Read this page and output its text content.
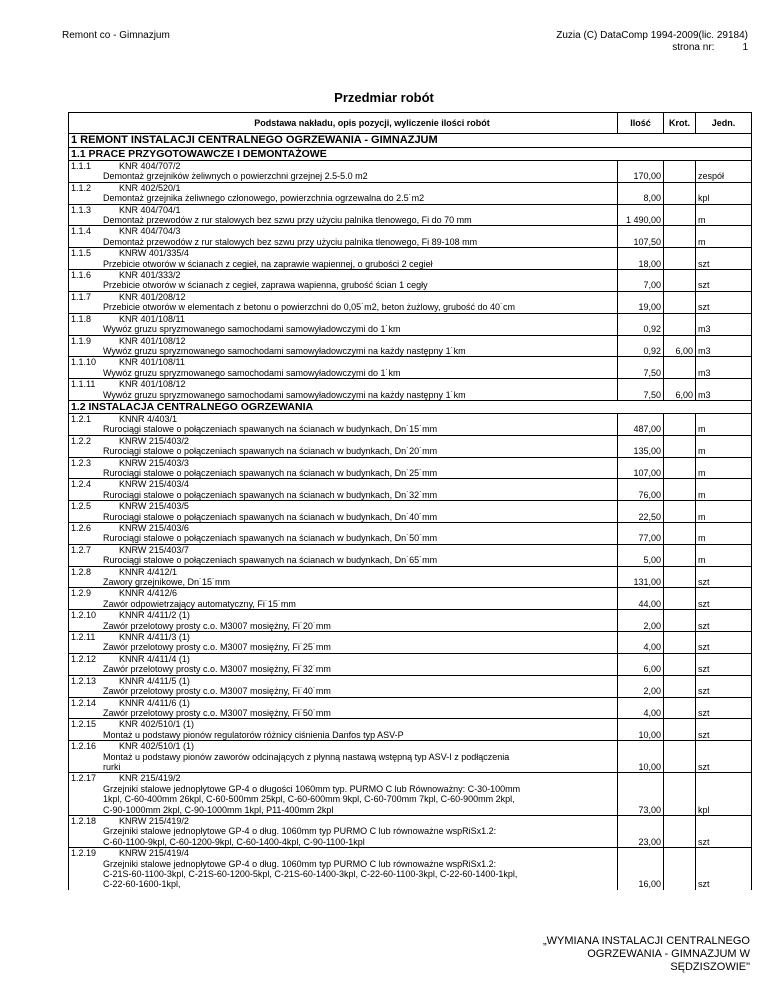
Remont co - Gimnazjum	Zuzia (C) DataComp 1994-2009(lic. 29184)
strona nr:	1
Przedmiar robót
Podstawa nakładu, opis pozycji, wyliczenie ilości robót	Ilość	Krot.	Jedn.
1 REMONT INSTALACJI CENTRALNEGO OGRZEWANIA - GIMNAZJUM			
1.1 PRACE PRZYGOTOWAWCZE I DEMONTAŻOWE			

1.1.1 KNR 404/707/2
Demontaż grzejników żeliwnych o powierzchni grzejnej 2.5-5.0 m2	170,00		zespół

1.1.2 KNR 402/520/1
Demontaż grzejnika żeliwnego członowego, powierzchnia ogrzewalna do 2.5˙m2	8,00		kpl

1.1.3 KNR 404/704/1
Demontaż przewodów z rur stalowych bez szwu przy użyciu palnika tlenowego, Fi do 70 mm	1 490,00		m

1.1.4 KNR 404/704/3
Demontaż przewodów z rur stalowych bez szwu przy użyciu palnika tlenowego, Fi 89-108 mm	107,50		m

1.1.5 KNRW 401/335/4
Przebicie otworów w ścianach z cegieł, na zaprawie wapiennej, o grubości 2 cegieł	18,00		szt

1.1.6 KNR 401/333/2
Przebicie otworów w ścianach z cegieł, zaprawa wapienna, grubość ścian 1 cegły	7,00		szt

1.1.7 KNR 401/208/12
Przebicie otworów w elementach z betonu o powierzchni do 0,05˙m2, beton żużlowy, grubość do 40˙cm	19,00		szt

1.1.8 KNR 401/108/11
Wywóz gruzu spryzmowanego samochodami samowyładowczymi do 1˙km	0,92		m3

1.1.9 KNR 401/108/12
Wywóz gruzu spryzmowanego samochodami samowyładowczymi na każdy następny 1˙km	0,92	6,00	m3

1.1.10 KNR 401/108/11
Wywóz gruzu spryzmowanego samochodami samowyładowczymi do 1˙km	7,50		m3

1.1.11 KNR 401/108/12
Wywóz gruzu spryzmowanego samochodami samowyładowczymi na każdy następny 1˙km	7,50	6,00	m3
1.2 INSTALACJA CENTRALNEGO OGRZEWANIA			

1.2.1 KNNR 4/403/1
Rurociągi stalowe o połączeniach spawanych na ścianach w budynkach, Dn˙15˙mm	487,00		m

1.2.2 KNRW 215/403/2
Rurociągi stalowe o połączeniach spawanych na ścianach w budynkach, Dn˙20˙mm	135,00		m

1.2.3 KNRW 215/403/3
Rurociągi stalowe o połączeniach spawanych na ścianach w budynkach, Dn˙25˙mm	107,00		m

1.2.4 KNRW 215/403/4
Rurociągi stalowe o połączeniach spawanych na ścianach w budynkach, Dn˙32˙mm	76,00		m

1.2.5 KNRW 215/403/5
Rurociągi stalowe o połączeniach spawanych na ścianach w budynkach, Dn˙40˙mm	22,50		m

1.2.6 KNRW 215/403/6
Rurociągi stalowe o połączeniach spawanych na ścianach w budynkach, Dn˙50˙mm	77,00		m

1.2.7 KNRW 215/403/7
Rurociągi stalowe o połączeniach spawanych na ścianach w budynkach, Dn˙65˙mm	5,00		m

1.2.8 KNNR 4/412/1
Zawory grzejnikowe, Dn˙15˙mm	131,00		szt

1.2.9 KNNR 4/412/6
Zawór odpowietrzający automatyczny, Fi˙15˙mm	44,00		szt

1.2.10 KNNR 4/411/2 (1)
Zawór przelotowy prosty c.o. M3007 mosiężny, Fi˙20˙mm	2,00		szt

1.2.11 KNNR 4/411/3 (1)
Zawór przelotowy prosty c.o. M3007 mosiężny, Fi˙25˙mm	4,00		szt

1.2.12 KNNR 4/411/4 (1)
Zawór przelotowy prosty c.o. M3007 mosiężny, Fi˙32˙mm	6,00		szt

1.2.13 KNNR 4/411/5 (1)
Zawór przelotowy prosty c.o. M3007 mosiężny, Fi˙40˙mm	2,00		szt

1.2.14 KNNR 4/411/6 (1)
Zawór przelotowy prosty c.o. M3007 mosiężny, Fi˙50˙mm	4,00		szt

1.2.15 KNR 402/510/1 (1)
Montaż u podstawy pionów regulatorów różnicy ciśnienia Danfos typ ASV-P	10,00		szt

1.2.16 KNR 402/510/1 (1)
Montaż u podstawy pionów zaworów odcinających z płynną nastawą wstępną typ ASV-I z podłączenia
rurki	10,00		szt

1.2.17 KNR 215/419/2
Grzejniki stalowe jednopłytowe GP-4 o długości 1060mm typ. PURMO C lub Równoważny: C-30-100mm
1kpl, C-60-400mm 26kpl, C-60-500mm 25kpl, C-60-600mm 9kpl, C-60-700mm 7kpl, C-60-900mm 2kpl,
C-90-1000mm 2kpl, C-90-1000mm 1kpl, P11-400mm 2kpl	73,00		kpl

1.2.18 KNRW 215/419/2
Grzejniki stalowe jednopłytowe GP-4 o dług. 1060mm typ PURMO C lub równoważne wspRiSx1.2:
C-60-1100-9kpl, C-60-1200-9kpl, C-60-1400-4kpl, C-90-1100-1kpl	23,00		szt

1.2.19 KNRW 215/419/4
Grzejniki stalowe jednopłytowe GP-4 o dług. 1060mm typ PURMO C lub równoważne wspRiSx1.2:
C-21S-60-1100-3kpl, C-21S-60-1200-5kpl, C-21S-60-1400-3kpl, C-22-60-1100-3kpl, C-22-60-1400-1kpl,
C-22-60-1600-1kpl,	16,00		szt
„WYMIANA INSTALACJI CENTRALNEGO
OGRZEWANIA - GIMNAZJUM W
SĘDZISZOWIE"
